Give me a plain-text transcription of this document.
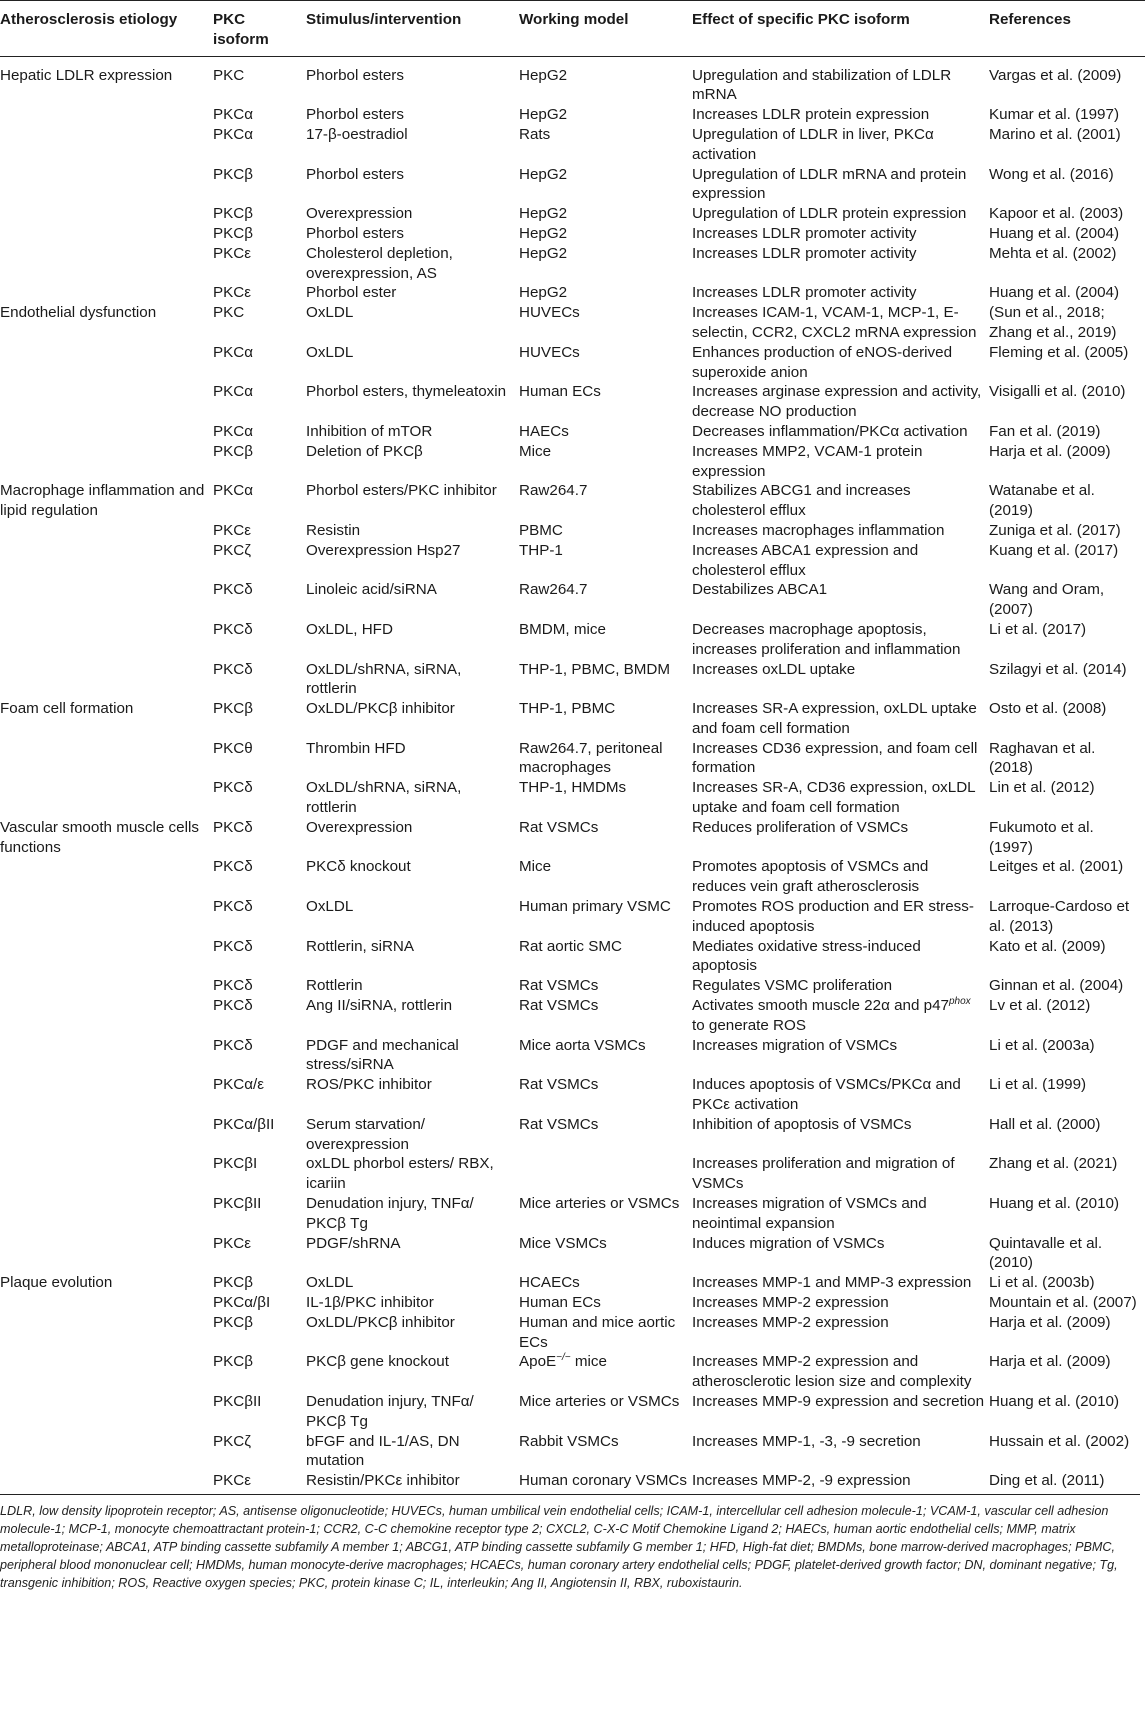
Atherosclerosis etiology	PKC isoform	Stimulus/intervention	Working model	Effect of specific PKC isoform	References
Hepatic LDLR expression	PKC	Phorbol esters	HepG2	Upregulation and stabilization of LDLR mRNA	Vargas et al. (2009)
	PKCα	Phorbol esters	HepG2	Increases LDLR protein expression	Kumar et al. (1997)
	PKCα	17-β-oestradiol	Rats	Upregulation of LDLR in liver, PKCα activation	Marino et al. (2001)
	PKCβ	Phorbol esters	HepG2	Upregulation of LDLR mRNA and protein expression	Wong et al. (2016)
	PKCβ	Overexpression	HepG2	Upregulation of LDLR protein expression	Kapoor et al. (2003)
	PKCβ	Phorbol esters	HepG2	Increases LDLR promoter activity	Huang et al. (2004)
	PKCε	Cholesterol depletion, overexpression, AS	HepG2	Increases LDLR promoter activity	Mehta et al. (2002)
	PKCε	Phorbol ester	HepG2	Increases LDLR promoter activity	Huang et al. (2004)
Endothelial dysfunction	PKC	OxLDL	HUVECs	Increases ICAM-1, VCAM-1, MCP-1, E-selectin, CCR2, CXCL2 mRNA expression	(Sun et al., 2018; Zhang et al., 2019)
	PKCα	OxLDL	HUVECs	Enhances production of eNOS-derived superoxide anion	Fleming et al. (2005)
	PKCα	Phorbol esters, thymeleatoxin	Human ECs	Increases arginase expression and activity, decrease NO production	Visigalli et al. (2010)
	PKCα	Inhibition of mTOR	HAECs	Decreases inflammation/PKCα activation	Fan et al. (2019)
	PKCβ	Deletion of PKCβ	Mice	Increases MMP2, VCAM-1 protein expression	Harja et al. (2009)
Macrophage inflammation and lipid regulation	PKCα	Phorbol esters/PKC inhibitor	Raw264.7	Stabilizes ABCG1 and increases cholesterol efflux	Watanabe et al. (2019)
	PKCε	Resistin	PBMC	Increases macrophages inflammation	Zuniga et al. (2017)
	PKCζ	Overexpression Hsp27	THP-1	Increases ABCA1 expression and cholesterol efflux	Kuang et al. (2017)
	PKCδ	Linoleic acid/siRNA	Raw264.7	Destabilizes ABCA1	Wang and Oram, (2007)
	PKCδ	OxLDL, HFD	BMDM, mice	Decreases macrophage apoptosis, increases proliferation and inflammation	Li et al. (2017)
	PKCδ	OxLDL/shRNA, siRNA, rottlerin	THP-1, PBMC, BMDM	Increases oxLDL uptake	Szilagyi et al. (2014)
Foam cell formation	PKCβ	OxLDL/PKCβ inhibitor	THP-1, PBMC	Increases SR-A expression, oxLDL uptake and foam cell formation	Osto et al. (2008)
	PKCθ	Thrombin HFD	Raw264.7, peritoneal macrophages	Increases CD36 expression, and foam cell formation	Raghavan et al. (2018)
	PKCδ	OxLDL/shRNA, siRNA, rottlerin	THP-1, HMDMs	Increases SR-A, CD36 expression, oxLDL uptake and foam cell formation	Lin et al. (2012)
Vascular smooth muscle cells functions	PKCδ	Overexpression	Rat VSMCs	Reduces proliferation of VSMCs	Fukumoto et al. (1997)
	PKCδ	PKCδ knockout	Mice	Promotes apoptosis of VSMCs and reduces vein graft atherosclerosis	Leitges et al. (2001)
	PKCδ	OxLDL	Human primary VSMC	Promotes ROS production and ER stress-induced apoptosis	Larroque-Cardoso et al. (2013)
	PKCδ	Rottlerin, siRNA	Rat aortic SMC	Mediates oxidative stress-induced apoptosis	Kato et al. (2009)
	PKCδ	Rottlerin	Rat VSMCs	Regulates VSMC proliferation	Ginnan et al. (2004)
	PKCδ	Ang II/siRNA, rottlerin	Rat VSMCs	Activates smooth muscle 22α and $p47^{phox}$ to generate ROS	Lv et al. (2012)
	PKCδ	PDGF and mechanical stress/siRNA	Mice aorta VSMCs	Increases migration of VSMCs	Li et al. (2003a)
	PKCα/ε	ROS/PKC inhibitor	Rat VSMCs	Induces apoptosis of VSMCs/PKCα and PKCε activation	Li et al. (1999)
	PKCα/βII	Serum starvation/ overexpression	Rat VSMCs	Inhibition of apoptosis of VSMCs	Hall et al. (2000)
	PKCβI	oxLDL phorbol esters/ RBX, icariin		Increases proliferation and migration of VSMCs	Zhang et al. (2021)
	PKCβII	Denudation injury, TNFα/ PKCβ Tg	Mice arteries or VSMCs	Increases migration of VSMCs and neointimal expansion	Huang et al. (2010)
	PKCε	PDGF/shRNA	Mice VSMCs	Induces migration of VSMCs	Quintavalle et al. (2010)
Plaque evolution	PKCβ	OxLDL	HCAECs	Increases MMP-1 and MMP-3 expression	Li et al. (2003b)
	PKCα/βI	IL-1β/PKC inhibitor	Human ECs	Increases MMP-2 expression	Mountain et al. (2007)
	PKCβ	OxLDL/PKCβ inhibitor	Human and mice aortic ECs	Increases MMP-2 expression	Harja et al. (2009)
	PKCβ	PKCβ gene knockout	ApoE−/− mice	Increases MMP-2 expression and atherosclerotic lesion size and complexity	Harja et al. (2009)
	PKCβII	Denudation injury, TNFα/ PKCβ Tg	Mice arteries or VSMCs	Increases MMP-9 expression and secretion	Huang et al. (2010)
	PKCζ	bFGF and IL-1/AS, DN mutation	Rabbit VSMCs	Increases MMP-1, -3, -9 secretion	Hussain et al. (2002)
	PKCε	Resistin/PKCε inhibitor	Human coronary VSMCs	Increases MMP-2, -9 expression	Ding et al. (2011)
LDLR, low density lipoprotein receptor; AS, antisense oligonucleotide; HUVECs, human umbilical vein endothelial cells; ICAM-1, intercellular cell adhesion molecule-1; VCAM-1, vascular cell adhesion molecule-1; MCP-1, monocyte chemoattractant protein-1; CCR2, C-C chemokine receptor type 2; CXCL2, C-X-C Motif Chemokine Ligand 2; HAECs, human aortic endothelial cells; MMP, matrix metalloproteinase; ABCA1, ATP binding cassette subfamily A member 1; ABCG1, ATP binding cassette subfamily G member 1; HFD, High-fat diet; BMDMs, bone marrow-derived macrophages; PBMC, peripheral blood mononuclear cell; HMDMs, human monocyte-derive macrophages; HCAECs, human coronary artery endothelial cells; PDGF, platelet-derived growth factor; DN, dominant negative; Tg, transgenic inhibition; ROS, Reactive oxygen species; PKC, protein kinase C; IL, interleukin; Ang II, Angiotensin II, RBX, ruboxistaurin.
